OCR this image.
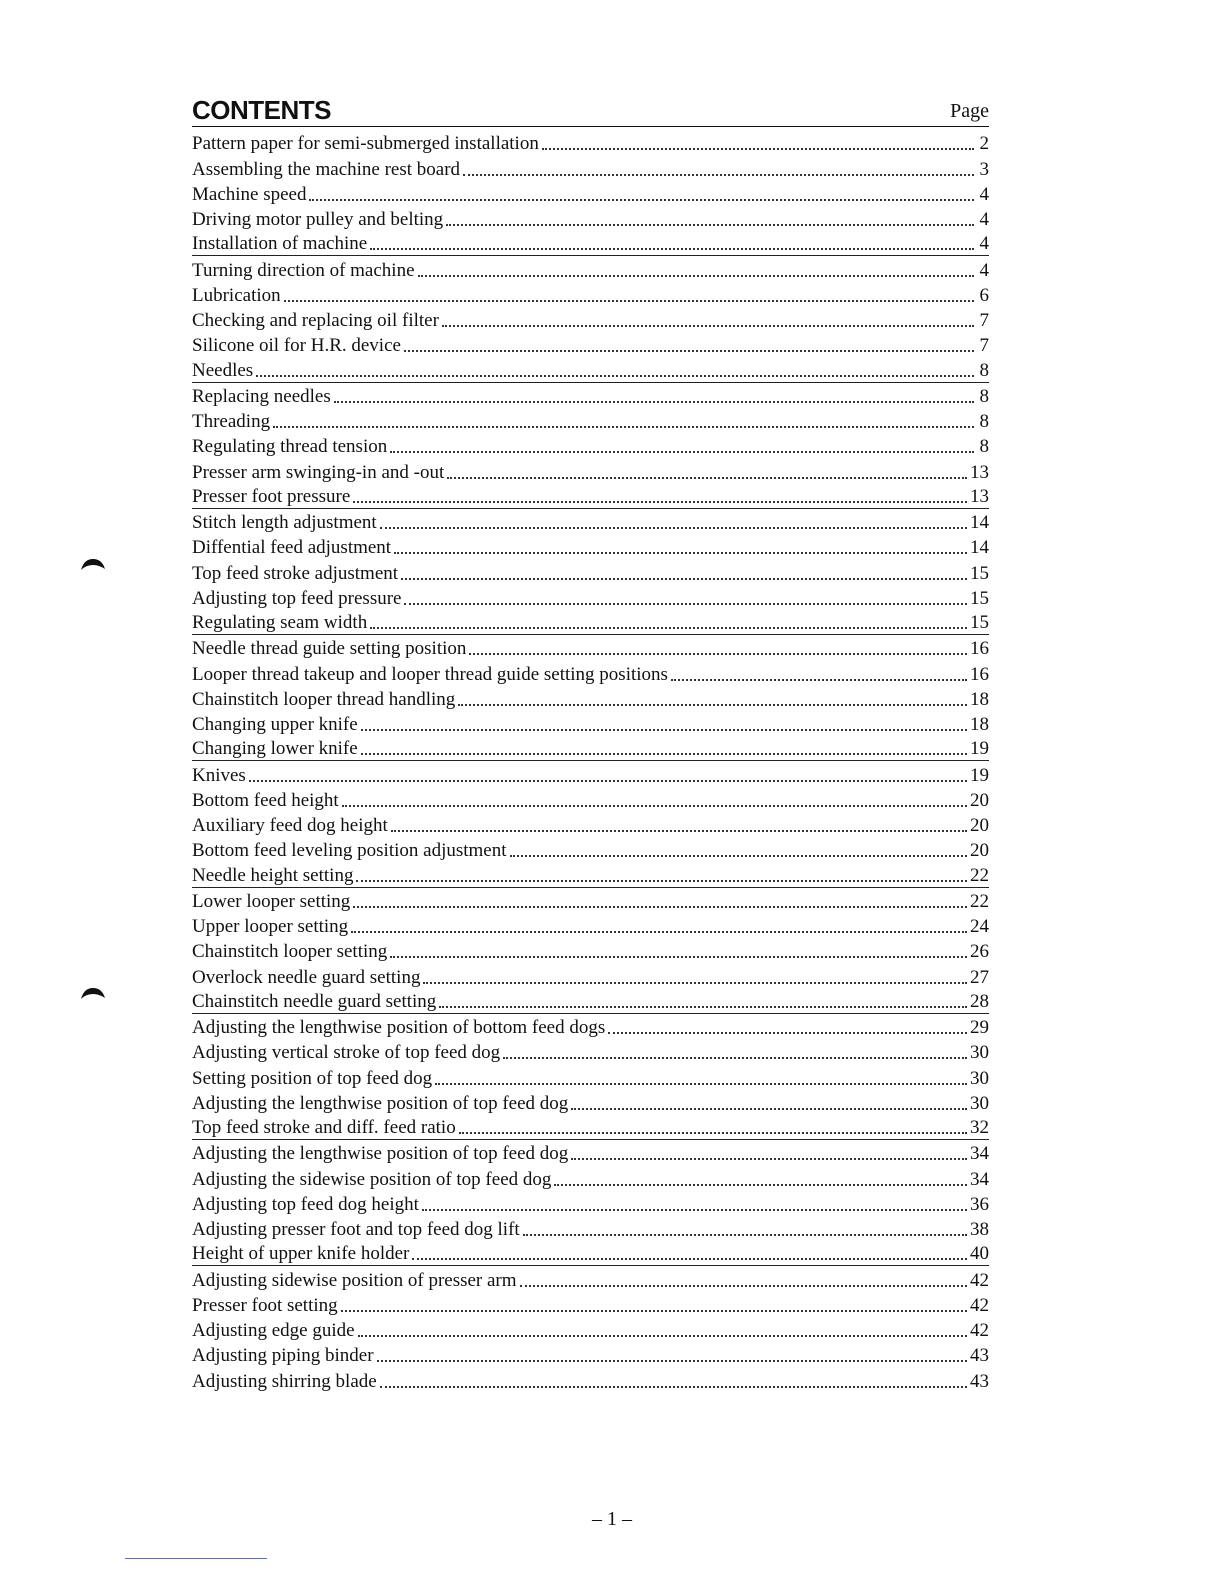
CONTENTS	Page
Pattern paper for semi-submerged installation	2
Assembling the machine rest board	3
Machine speed	4
Driving motor pulley and belting	4
Installation of machine	4
Turning direction of machine	4
Lubrication	6
Checking and replacing oil filter	7
Silicone oil for H.R. device	7
Needles	8
Replacing needles	8
Threading	8
Regulating thread tension	8
Presser arm swinging-in and -out	13
Presser foot pressure	13
Stitch length adjustment	14
Diffential feed adjustment	14
Top feed stroke adjustment	15
Adjusting top feed pressure	15
Regulating seam width	15
Needle thread guide setting position	16
Looper thread takeup and looper thread guide setting positions	16
Chainstitch looper thread handling	18
Changing upper knife	18
Changing lower knife	19
Knives	19
Bottom feed height	20
Auxiliary feed dog height	20
Bottom feed leveling position adjustment	20
Needle height setting	22
Lower looper setting	22
Upper looper setting	24
Chainstitch looper setting	26
Overlock needle guard setting	27
Chainstitch needle guard setting	28
Adjusting the lengthwise position of bottom feed dogs	29
Adjusting vertical stroke of top feed dog	30
Setting position of top feed dog	30
Adjusting the lengthwise position of top feed dog	30
Top feed stroke and diff. feed ratio	32
Adjusting the lengthwise position of top feed dog	34
Adjusting the sidewise position of top feed dog	34
Adjusting top feed dog height	36
Adjusting presser foot and top feed dog lift	38
Height of upper knife holder	40
Adjusting sidewise position of presser arm	42
Presser foot setting	42
Adjusting edge guide	42
Adjusting piping binder	43
Adjusting shirring blade	43
– 1 –
